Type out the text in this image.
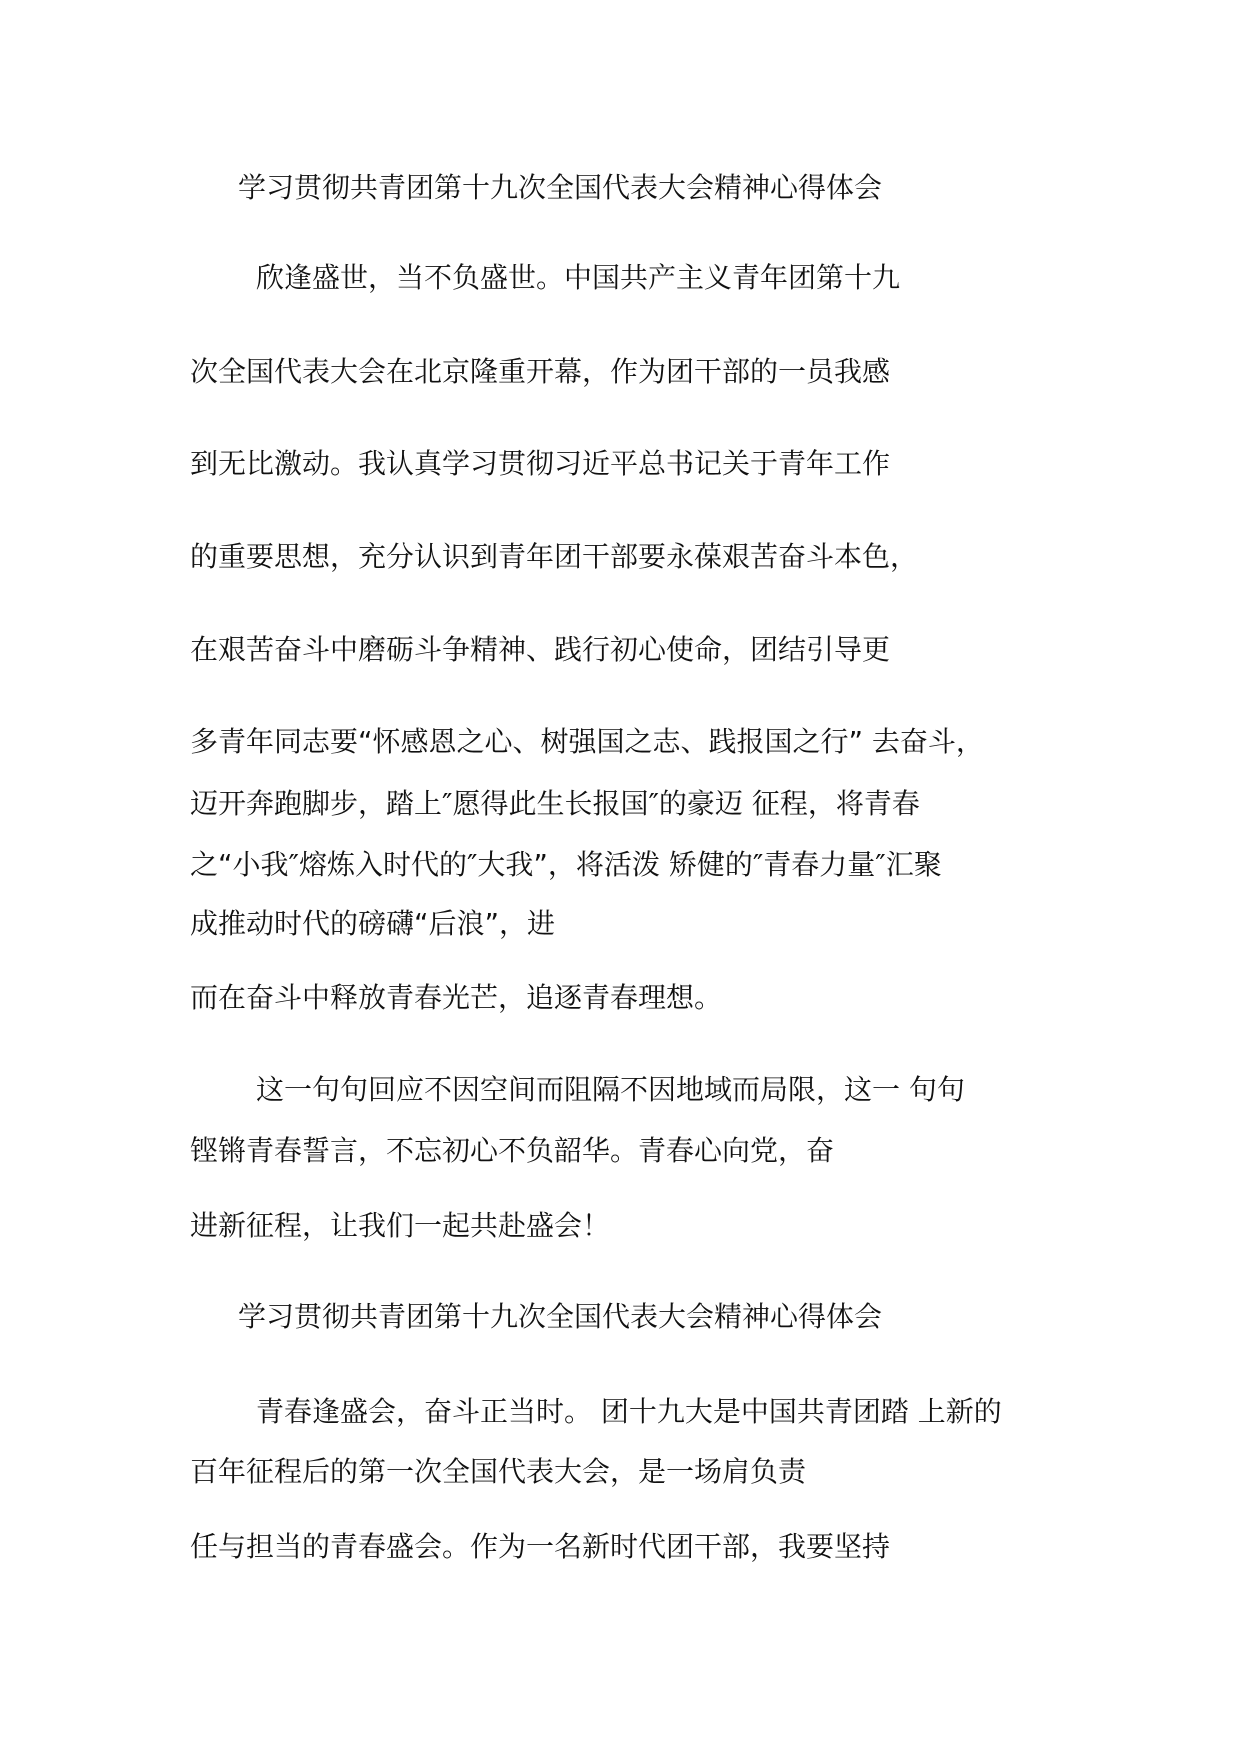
学习贯彻共青团第十九次全国代表大会精神心得体会
欣逢盛世，当不负盛世。中国共产主义青年团第十九
次全国代表大会在北京隆重开幕，作为团干部的一员我感
到无比激动。我认真学习贯彻习近平总书记关于青年工作
的重要思想，充分认识到青年团干部要永葆艰苦奋斗本色，
在艰苦奋斗中磨砺斗争精神、践行初心使命，团结引导更
多青年同志要“怀感恩之心、树强国之志、践报国之行” 去奋斗，
迈开奔跑脚步，踏上″愿得此生长报国″的豪迈 征程，将青春
之“小我″熔炼入时代的″大我”，将活泼 矫健的″青春力量″汇聚
成推动时代的磅礴“后浪”，进
而在奋斗中释放青春光芒，追逐青春理想。
这一句句回应不因空间而阻隔不因地域而局限，这一 句句
铿锵青春誓言，不忘初心不负韶华。青春心向党，奋
进新征程，让我们一起共赴盛会！
学习贯彻共青团第十九次全国代表大会精神心得体会
青春逢盛会，奋斗正当时。 团十九大是中国共青团踏 上新的
百年征程后的第一次全国代表大会，是一场肩负责
任与担当的青春盛会。作为一名新时代团干部，我要坚持
